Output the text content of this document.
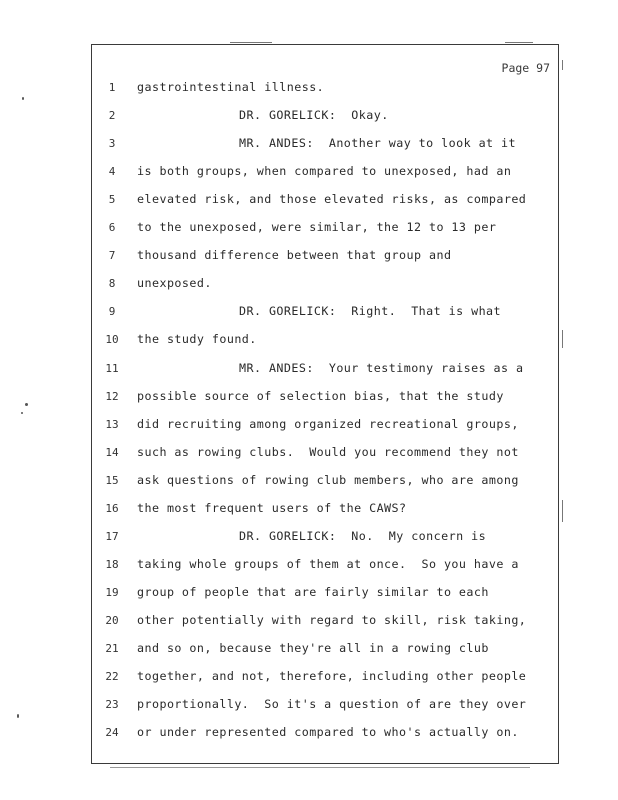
Page 97
1	gastrointestinal illness.
2	DR. GORELICK:  Okay.
3	MR. ANDES:  Another way to look at it
4	is both groups, when compared to unexposed, had an
5	elevated risk, and those elevated risks, as compared
6	to the unexposed, were similar, the 12 to 13 per
7	thousand difference between that group and
8	unexposed.
9	DR. GORELICK:  Right.  That is what
10	the study found.
11	MR. ANDES:  Your testimony raises as a
12	possible source of selection bias, that the study
13	did recruiting among organized recreational groups,
14	such as rowing clubs.  Would you recommend they not
15	ask questions of rowing club members, who are among
16	the most frequent users of the CAWS?
17	DR. GORELICK:  No.  My concern is
18	taking whole groups of them at once.  So you have a
19	group of people that are fairly similar to each
20	other potentially with regard to skill, risk taking,
21	and so on, because they're all in a rowing club
22	together, and not, therefore, including other people
23	proportionally.  So it's a question of are they over
24	or under represented compared to who's actually on.
